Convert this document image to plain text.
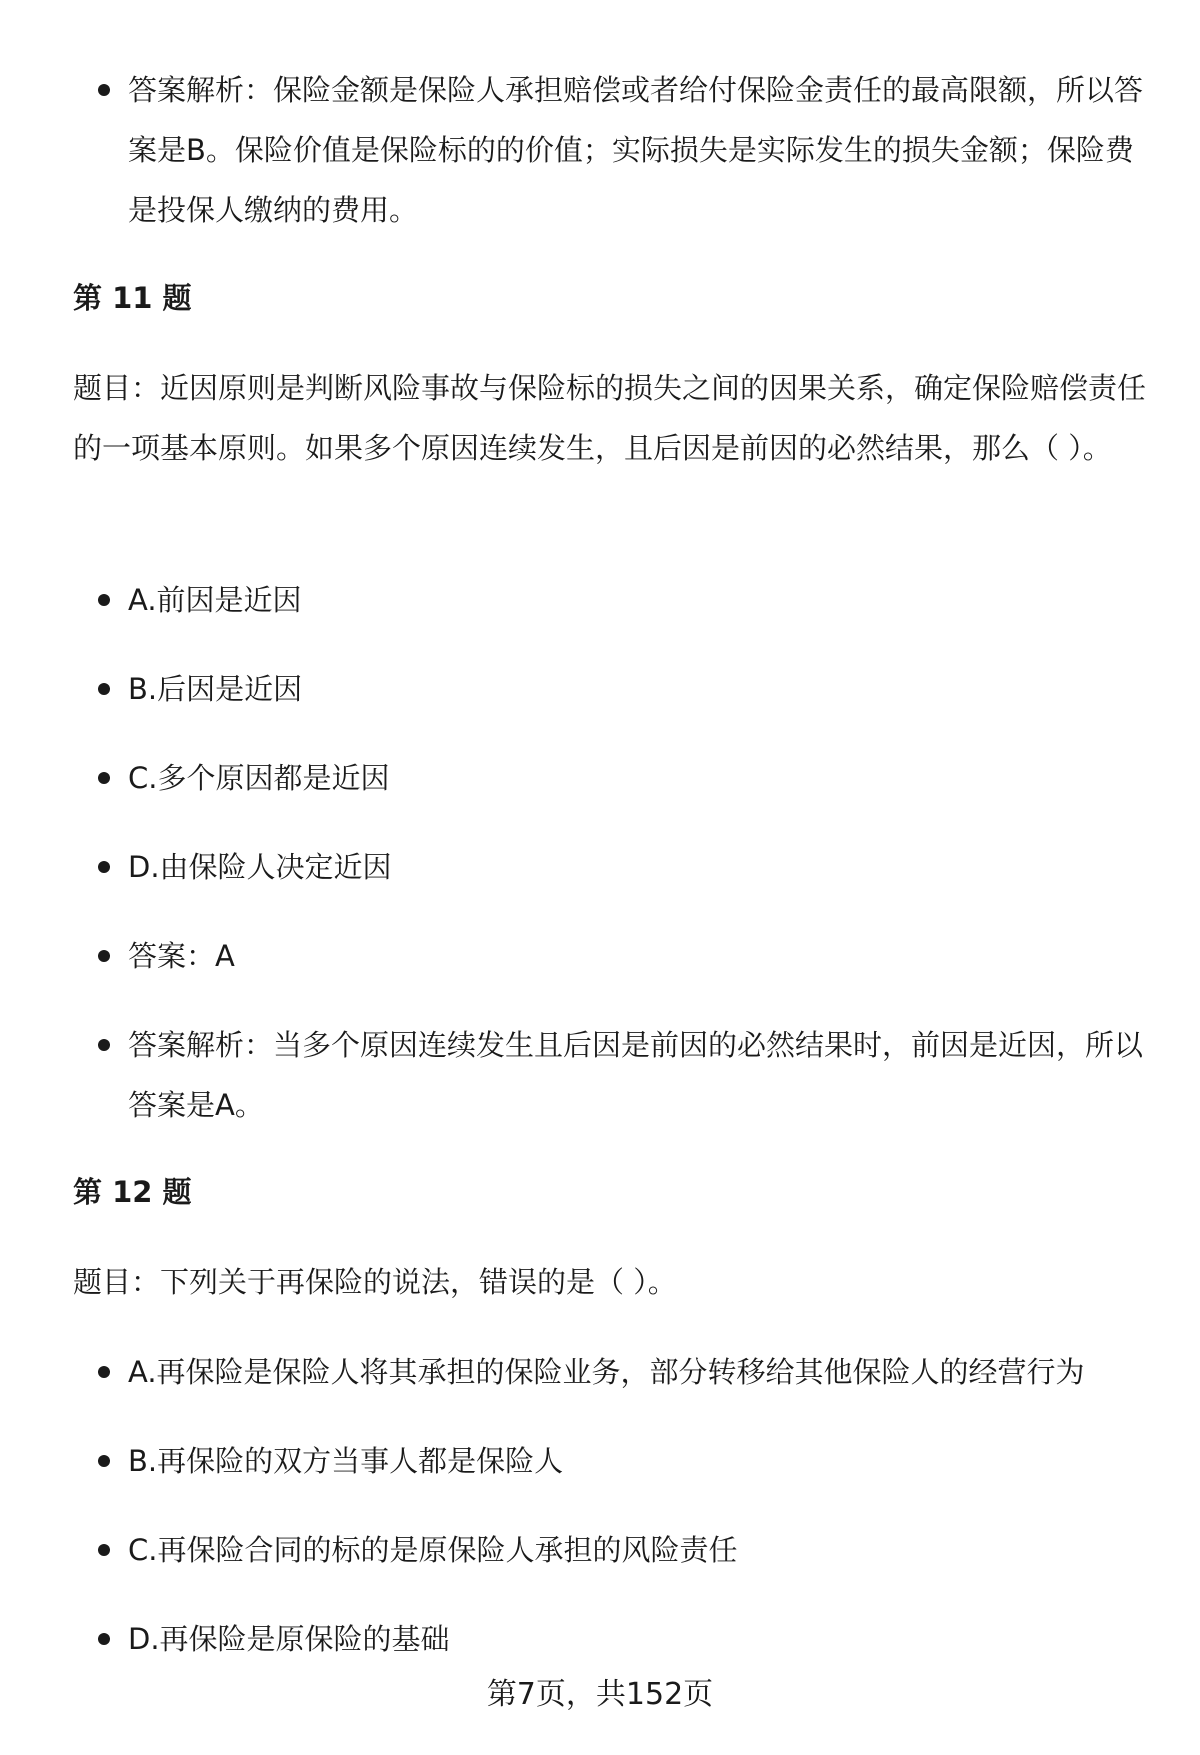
答案解析：保险金额是保险人承担赔偿或者给付保险金责任的最高限额，所以答案是B。保险价值是保险标的的价值；实际损失是实际发生的损失金额；保险费是投保人缴纳的费用。
第 11 题
题目：近因原则是判断风险事故与保险标的损失之间的因果关系，确定保险赔偿责任的一项基本原则。如果多个原因连续发生，且后因是前因的必然结果，那么（ ）。
A.前因是近因
B.后因是近因
C.多个原因都是近因
D.由保险人决定近因
答案：A
答案解析：当多个原因连续发生且后因是前因的必然结果时，前因是近因，所以答案是A。
第 12 题
题目：下列关于再保险的说法，错误的是（ ）。
A.再保险是保险人将其承担的保险业务，部分转移给其他保险人的经营行为
B.再保险的双方当事人都是保险人
C.再保险合同的标的是原保险人承担的风险责任
D.再保险是原保险的基础
第7页，共152页
